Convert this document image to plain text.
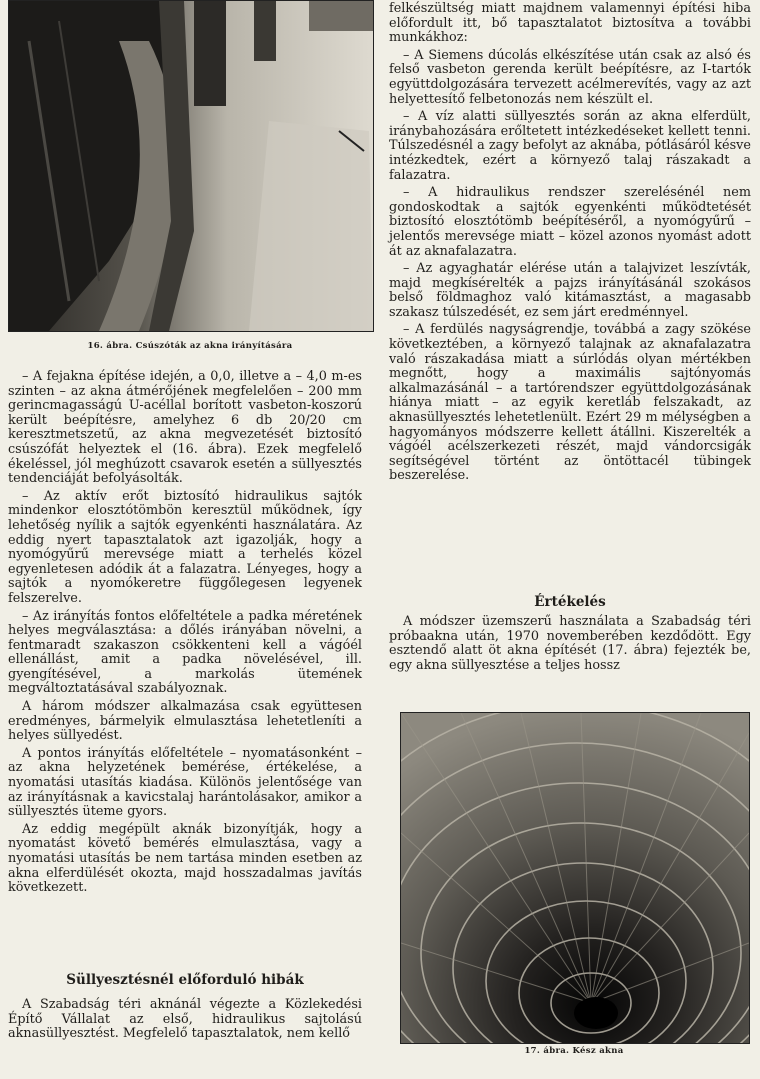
16. ábra. Csúszóták az akna irányítására

– A fejakna építése idején, a 0,0, illetve a – 4,0 m-es szinten – az akna átmérőjének megfelelően – 200 mm gerincmagasságú U-acéllal borított vasbeton-koszorú került beépítésre, amelyhez 6 db 20/20 cm keresztmetszetű, az akna megvezetését biztosító csúszófát helyeztek el (16. ábra). Ezek megfelelő ékeléssel, jól meghúzott csavarok esetén a süllyesztés tendenciáját befolyásolták.

– Az aktív erőt biztosító hidraulikus sajtók mindenkor elosztótömbön keresztül működnek, így lehetőség nyílik a sajtók egyenkénti használatára. Az eddig nyert tapasztalatok azt igazolják, hogy a nyomógyűrű merevsége miatt a terhelés közel egyenletesen adódik át a falazatra. Lényeges, hogy a sajtók a nyomókeretre függőlegesen legyenek felszerelve.

– Az irányítás fontos előfeltétele a padka méretének helyes megválasztása: a dőlés irányában növelni, a fentmaradt szakaszon csökkenteni kell a vágóél ellenállást, amit a padka növelésével, ill. gyengítésével, a markolás ütemének megváltoztatásával szabályoznak.

A három módszer alkalmazása csak együttesen eredményes, bármelyik elmulasztása lehetetleníti a helyes süllyedést.

A pontos irányítás előfeltétele – nyomatásonként – az akna helyzetének bemérése, értékelése, a nyomatási utasítás kiadása. Különös jelentősége van az irányításnak a kavicstalaj harántolásakor, amikor a süllyesztés üteme gyors.

Az eddig megépült aknák bizonyítják, hogy a nyomatást követő bemérés elmulasztása, vagy a nyomatási utasítás be nem tartása minden esetben az akna elferdülését okozta, majd hosszadalmas javítás következett.

Süllyesztésnél előforduló hibák

A Szabadság téri aknánál végezte a Közlekedési Építő Vállalat az első, hidraulikus sajtolású aknasüllyesztést. Megfelelő tapasztalatok, nem kellő

felkészültség miatt majdnem valamennyi építési hiba előfordult itt, bő tapasztalatot biztosítva a további munkákhoz:

– A Siemens dúcolás elkészítése után csak az alsó és felső vasbeton gerenda került beépítésre, az I-tartók együttdolgozására tervezett acélmerevítés, vagy az azt helyettesítő felbetonozás nem készült el.

– A víz alatti süllyesztés során az akna elferdült, iránybahozására erőltetett intézkedéseket kellett tenni. Túlszedésnél a zagy befolyt az aknába, pótlásáról késve intézkedtek, ezért a környező talaj rászakadt a falazatra.

– A hidraulikus rendszer szerelésénél nem gondoskodtak a sajtók egyenkénti működtetését biztosító elosztótömb beépítéséről, a nyomógyűrű – jelentős merevsége miatt – közel azonos nyomást adott át az aknafalazatra.

– Az agyaghatár elérése után a talajvizet leszívták, majd megkísérelték a pajzs irányításánál szokásos belső földmaghoz való kitámasztást, a magasabb szakasz túlszedését, ez sem járt eredménnyel.

– A ferdülés nagyságrendje, továbbá a zagy szökése következtében, a környező talajnak az aknafalazatra való rászakadása miatt a súrlódás olyan mértékben megnőtt, hogy a maximális sajtónyomás alkalmazásánál – a tartórendszer együttdolgozásának hiánya miatt – az egyik keretláb felszakadt, az aknasüllyesztés lehetetlenült. Ezért 29 m mélységben a hagyományos módszerre kellett átállni. Kiszerelték a vágóél acélszerkezeti részét, majd vándorcsigák segítségével történt az öntöttacél tübingek beszerelése.

Értékelés

A módszer üzemszerű használata a Szabadság téri próbaaknа után, 1970 novemberében kezdődött. Egy esztendő alatt öt akna építését (17. ábra) fejezték be, egy akna süllyesztése a teljes hossz

17. ábra. Kész akna
